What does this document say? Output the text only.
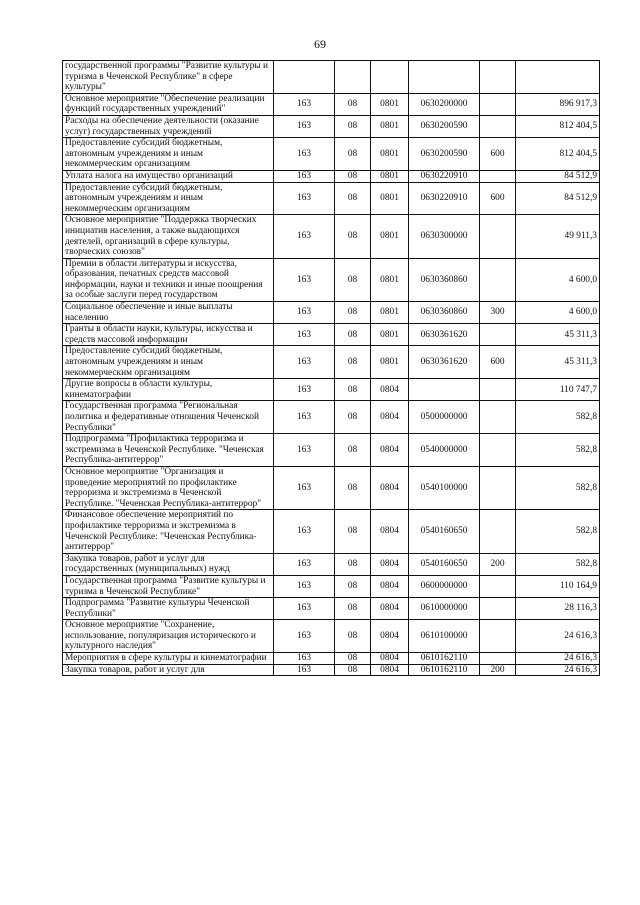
69
государственной программы "Развитие культуры и туризма в Чеченской Республике" в сфере культуры"						
Основное мероприятие "Обеспечение реализации функций государственных учреждений"	163	08	0801	0630200000		896 917,3
Расходы на обеспечение деятельности (оказание услуг) государственных учреждений	163	08	0801	0630200590		812 404,5
Предоставление субсидий бюджетным, автономным учреждениям и иным некоммерческим организациям	163	08	0801	0630200590	600	812 404,5
Уплата налога на имущество организаций	163	08	0801	0630220910		84 512,9
Предоставление субсидий бюджетным, автономным учреждениям и иным некоммерческим организациям	163	08	0801	0630220910	600	84 512,9
Основное мероприятие "Поддержка творческих инициатив населения, а также выдающихся деятелей, организаций в сфере культуры, творческих союзов"	163	08	0801	0630300000		49 911,3
Премии в области литературы и искусства, образования, печатных средств массовой информации, науки и техники и иные поощрения за особые заслуги перед государством	163	08	0801	0630360860		4 600,0
Социальное обеспечение и иные выплаты населению	163	08	0801	0630360860	300	4 600,0
Гранты в области науки, культуры, искусства и средств массовой информации	163	08	0801	0630361620		45 311,3
Предоставление субсидий бюджетным, автономным учреждениям и иным некоммерческим организациям	163	08	0801	0630361620	600	45 311,3
Другие вопросы в области культуры, кинематографии	163	08	0804			110 747,7
Государственная программа "Региональная политика и федеративные отношения Чеченской Республики"	163	08	0804	0500000000		582,8
Подпрограмма "Профилактика терроризма и экстремизма в Чеченской Республике. "Чеченская Республика-антитеррор"	163	08	0804	0540000000		582,8
Основное мероприятие "Организация и проведение мероприятий по профилактике терроризма и экстремизма в Чеченской Республике. "Чеченская Республика-антитеррор"	163	08	0804	0540100000		582,8
Финансовое обеспечение мероприятий по профилактике терроризма и экстремизма в Чеченской Республике: "Чеченская Республика-антитеррор"	163	08	0804	0540160650		582,8
Закупка товаров, работ и услуг для государственных (муниципальных) нужд	163	08	0804	0540160650	200	582,8
Государственная программа "Развитие культуры и туризма в Чеченской Республике"	163	08	0804	0600000000		110 164,9
Подпрограмма "Развитие культуры Чеченской Республики"	163	08	0804	0610000000		28 116,3
Основное мероприятие "Сохранение, использование, популяризация исторического и культурного наследия"	163	08	0804	0610100000		24 616,3
Мероприятия в сфере культуры и кинематографии	163	08	0804	0610162110		24 616,3
Закупка товаров, работ и услуг для	163	08	0804	0610162110	200	24 616,3
